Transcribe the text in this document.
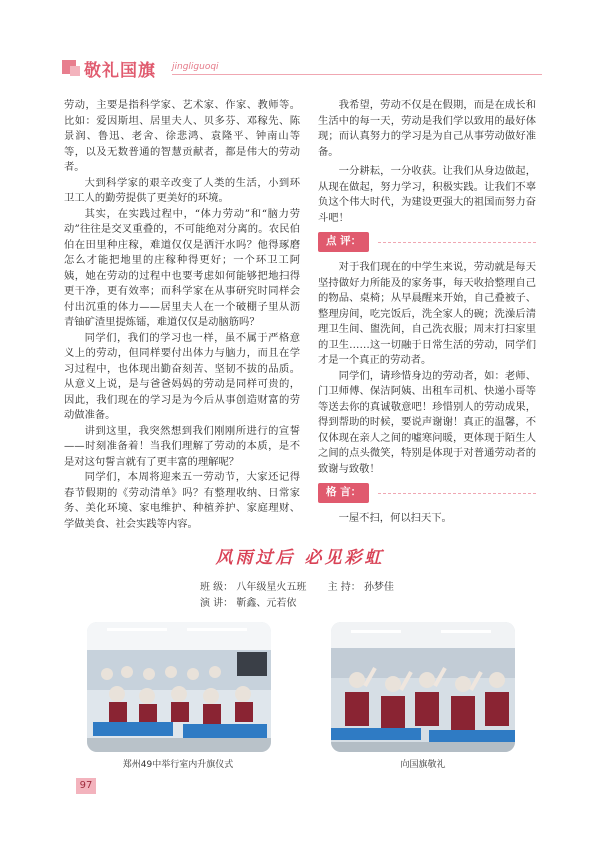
敬礼国旗 jingliguoqi

劳动，主要是指科学家、艺术家、作家、教师等。比如：爱因斯坦、居里夫人、贝多芬、邓稼先、陈景润、鲁迅、老舍、徐悲鸿、袁隆平、钟南山等等，以及无数普通的智慧贡献者，都是伟大的劳动者。

大到科学家的艰辛改变了人类的生活，小到环卫工人的勤劳提供了更美好的环境。

其实，在实践过程中，“体力劳动”和“脑力劳动”往往是交叉重叠的，不可能绝对分离的。农民伯伯在田里种庄稼，难道仅仅是洒汗水吗？他得琢磨怎么才能把地里的庄稼种得更好；一个环卫工阿姨，她在劳动的过程中也要考虑如何能够把地扫得更干净，更有效率；而科学家在从事研究时同样会付出沉重的体力——居里夫人在一个破棚子里从沥青铀矿渣里提炼镭，难道仅仅是动脑筋吗？

同学们，我们的学习也一样，虽不属于严格意义上的劳动，但同样要付出体力与脑力，而且在学习过程中，也体现出勤奋刻苦、坚韧不拔的品质。从意义上说，是与爸爸妈妈的劳动是同样可贵的，因此，我们现在的学习是为今后从事创造财富的劳动做准备。

讲到这里，我突然想到我们刚刚所进行的宣誓——时刻准备着！当我们理解了劳动的本质，是不是对这句誓言就有了更丰富的理解呢？

同学们，本周将迎来五一劳动节，大家还记得春节假期的《劳动清单》吗？有整理收纳、日常家务、美化环境、家电维护、种植养护、家庭理财、学做美食、社会实践等内容。

我希望，劳动不仅是在假期，而是在成长和生活中的每一天，劳动是我们学以致用的最好体现；而认真努力的学习是为自己从事劳动做好准备。

一分耕耘，一分收获。让我们从身边做起，从现在做起，努力学习，积极实践。让我们不辜负这个伟大时代，为建设更强大的祖国而努力奋斗吧！

点 评：

对于我们现在的中学生来说，劳动就是每天坚持做好力所能及的家务事，每天收拾整理自己的物品、桌椅；从早晨醒来开始，自己叠被子、整理房间，吃完饭后，洗全家人的碗；洗澡后清理卫生间、盥洗间，自己洗衣服；周末打扫家里的卫生……这一切融于日常生活的劳动，同学们才是一个真正的劳动者。

同学们，请珍惜身边的劳动者，如：老师、门卫师傅、保洁阿姨、出租车司机、快递小哥等等送去你的真诚敬意吧！珍惜别人的劳动成果，得到帮助的时候，要说声谢谢！真正的温馨，不仅体现在亲人之间的嘘寒问暖，更体现于陌生人之间的点头微笑，特别是体现于对普通劳动者的致谢与致敬！

格 言：

一屋不扫，何以扫天下。

风雨过后 必见彩虹
班 级： 八年级星火五班 主 持： 孙梦佳
演 讲： 靳鑫、元若依
郑州49中举行室内升旗仪式	向国旗敬礼
97
